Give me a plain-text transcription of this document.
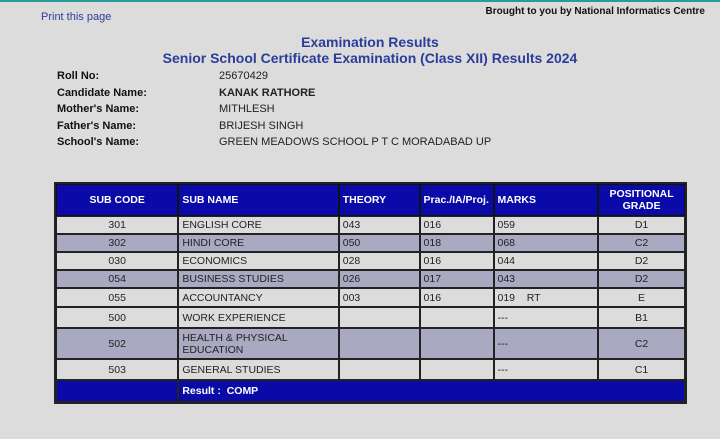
Print this page	Brought to you by National Informatics Centre
Examination Results
Senior School Certificate Examination (Class XII) Results 2024
Roll No:	25670429
Candidate Name:	KANAK RATHORE
Mother's Name:	MITHLESH
Father's Name:	BRIJESH SINGH
School's Name:	GREEN MEADOWS SCHOOL P T C MORADABAD UP
SUB CODE	SUB NAME	THEORY	Prac./IA/Proj.	MARKS	POSITIONAL GRADE
301	ENGLISH CORE	043	016	059	D1
302	HINDI CORE	050	018	068	C2
030	ECONOMICS	028	016	044	D2
054	BUSINESS STUDIES	026	017	043	D2
055	ACCOUNTANCY	003	016	019    RT	E
500	WORK EXPERIENCE			---	B1
502	HEALTH & PHYSICAL EDUCATION			---	C2
503	GENERAL STUDIES			---	C1
	Result : COMP				
